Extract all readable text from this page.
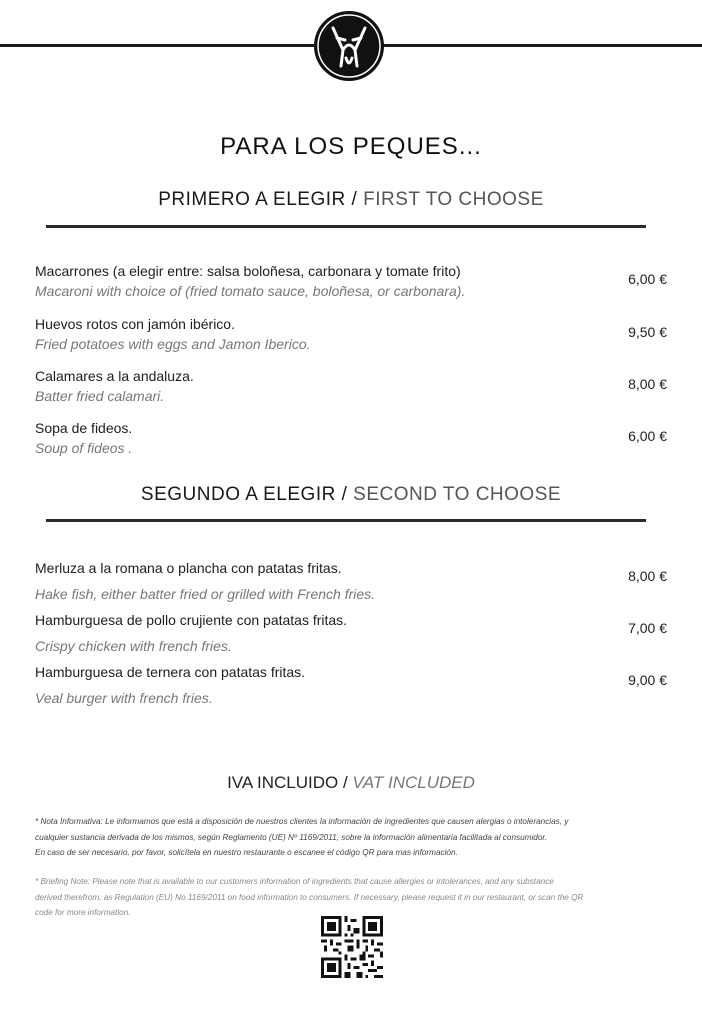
PARA LOS PEQUES...
PRIMERO A ELEGIR / FIRST TO CHOOSE
Macarrones (a elegir entre: salsa boloñesa, carbonara y tomate frito)
Macaroni with choice of (fried tomato sauce, boloñesa, or carbonara).
6,00 €
Huevos rotos con jamón ibérico.
Fried potatoes with eggs and Jamon Iberico.
9,50 €
Calamares a la andaluza.
Batter fried calamari.
8,00 €
Sopa de fideos.
Soup of fideos .
6,00 €
SEGUNDO A ELEGIR / SECOND TO CHOOSE
Merluza a la romana o plancha con patatas fritas.
Hake fish, either batter fried or grilled with French fries.
8,00 €
Hamburguesa de pollo crujiente con patatas fritas.
Crispy chicken with french fries.
7,00 €
Hamburguesa de ternera con patatas fritas.
Veal burger with french fries.
9,00 €
IVA INCLUIDO / VAT INCLUDED
* Nota Informativa: Le informamos que está a disposición de nuestros clientes la información de ingredientes que causen alergias o intolerancias, y
cualquier sustancia derivada de los mismos, según Reglamento (UE) Nº 1169/2011, sobre la información alimentaria facilitada al consumidor.
En caso de ser necesario, por favor, solicítela en nuestro restaurante o escanee el código QR para mas información.
* Briefing Note: Please note that is available to our customers information of ingredients that cause allergies or intolerances, and any substance
derived therefrom, as Regulation (EU) No 1169/2011 on food information to consumers. If necessary, please request it in our restaurant, or scan the QR
code for more information.
